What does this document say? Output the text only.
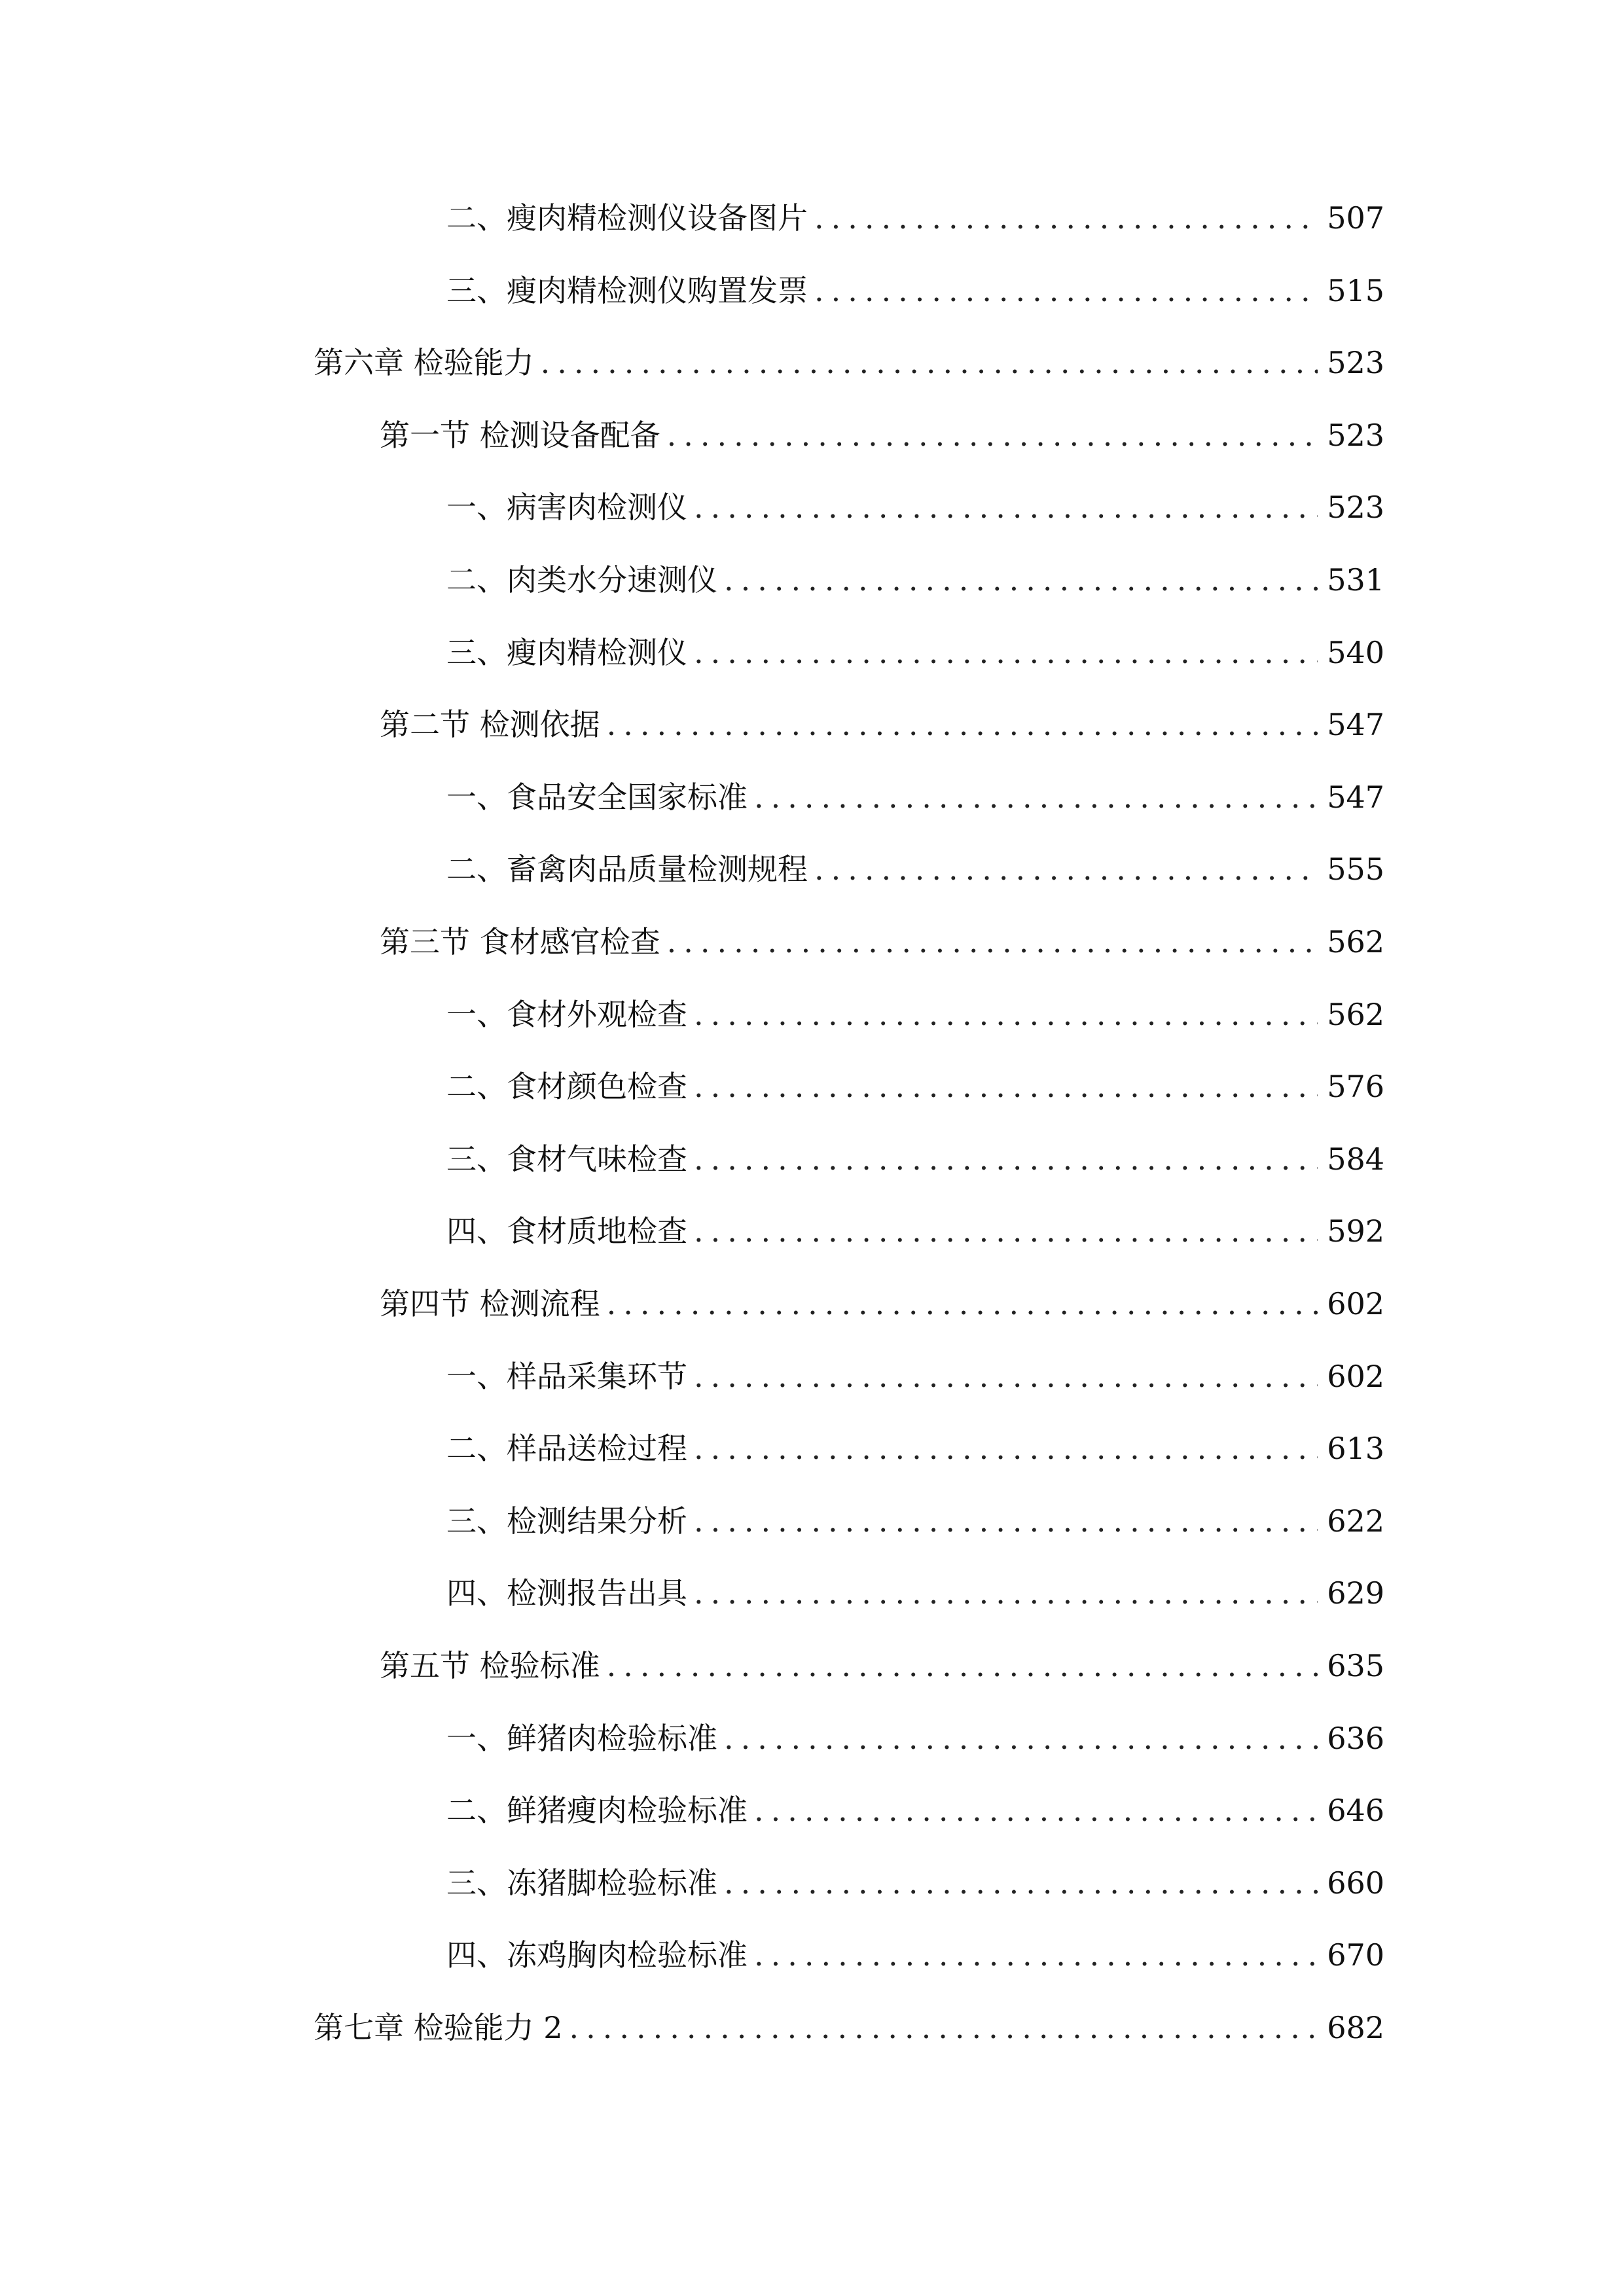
二、 瘦肉精检测仪设备图片 .....	507
三、 瘦肉精检测仪购置发票 .....	515
第六章 检验能力 .....	523
第一节 检测设备配备 .....	523
一、 病害肉检测仪 .....	523
二、 肉类水分速测仪 .....	531
三、 瘦肉精检测仪 .....	540
第二节 检测依据 .....	547
一、 食品安全国家标准 .....	547
二、 畜禽肉品质量检测规程 .....	555
第三节 食材感官检查 .....	562
一、 食材外观检查 .....	562
二、 食材颜色检查 .....	576
三、 食材气味检查 .....	584
四、 食材质地检查 .....	592
第四节 检测流程 .....	602
一、 样品采集环节 .....	602
二、 样品送检过程 .....	613
三、 检测结果分析 .....	622
四、 检测报告出具 .....	629
第五节 检验标准 .....	635
一、 鲜猪肉检验标准 .....	636
二、 鲜猪瘦肉检验标准 .....	646
三、 冻猪脚检验标准 .....	660
四、 冻鸡胸肉检验标准 .....	670
第七章 检验能力 2 .....	682
